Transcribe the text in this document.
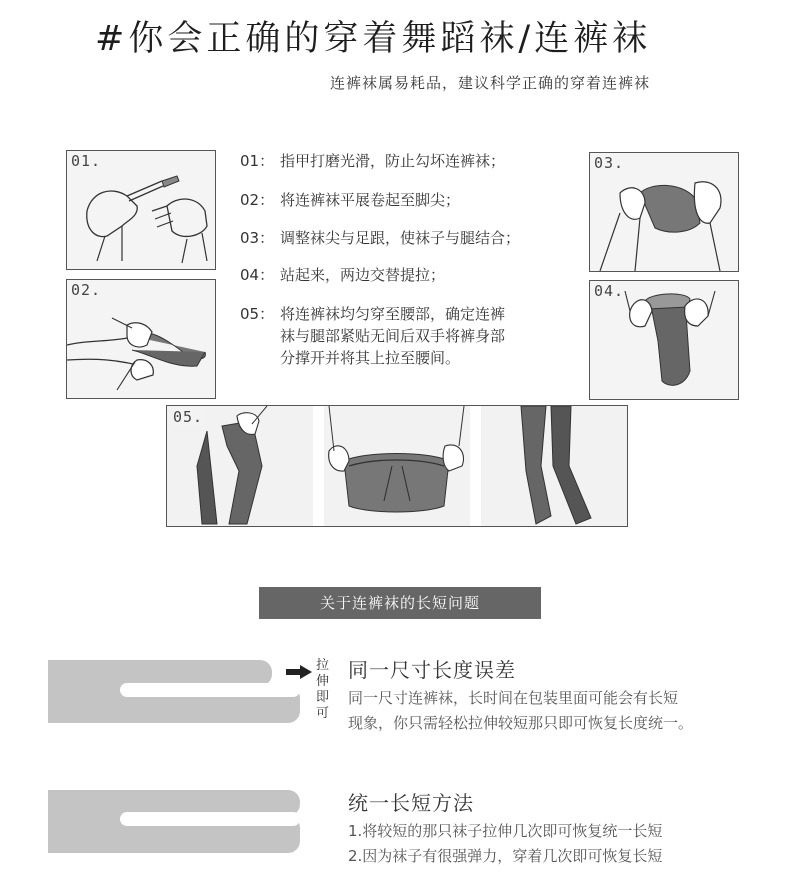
#你会正确的穿着舞蹈袜/连裤袜
连裤袜属易耗品，建议科学正确的穿着连裤袜
01.
02.
01： 指甲打磨光滑，防止勾坏连裤袜；
02： 将连裤袜平展卷起至脚尖；
03： 调整袜尖与足跟，使袜子与腿结合；
04： 站起来，两边交替提拉；
05： 将连裤袜均匀穿至腰部，确定连裤
袜与腿部紧贴无间后双手将裤身部
分撑开并将其上拉至腰间。
03.
04.
05.
关于连裤袜的长短问题
拉伸即可
同一尺寸长度误差
同一尺寸连裤袜，长时间在包装里面可能会有长短
现象，你只需轻松拉伸较短那只即可恢复长度统一。
统一长短方法
1.将较短的那只袜子拉伸几次即可恢复统一长短
2.因为袜子有很强弹力，穿着几次即可恢复长短
